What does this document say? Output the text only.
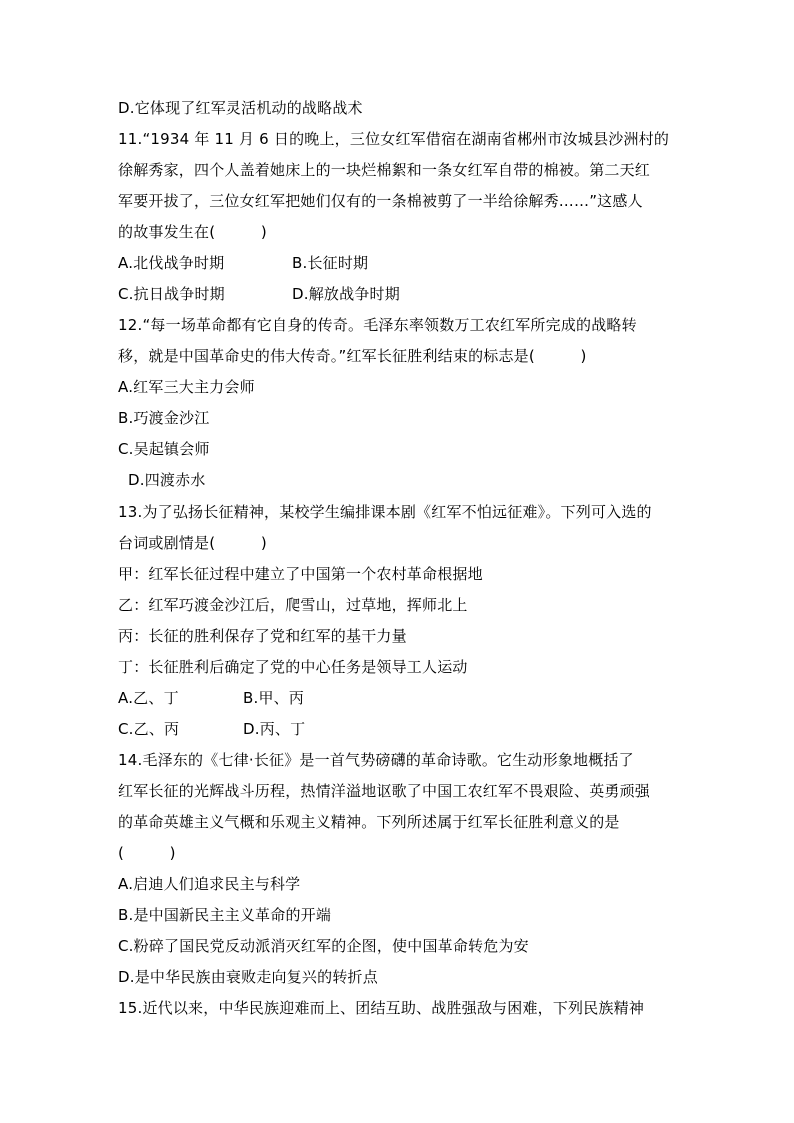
D.它体现了红军灵活机动的战略战术
11.“1934 年 11 月 6 日的晚上，三位女红军借宿在湖南省郴州市汝城县沙洲村的
徐解秀家，四个人盖着她床上的一块烂棉絮和一条女红军自带的棉被。第二天红
军要开拔了，三位女红军把她们仅有的一条棉被剪了一半给徐解秀……”这感人
的故事发生在(　　　)
A.北伐战争时期	B.长征时期
C.抗日战争时期	D.解放战争时期
12.“每一场革命都有它自身的传奇。毛泽东率领数万工农红军所完成的战略转
移，就是中国革命史的伟大传奇。”红军长征胜利结束的标志是(　　　)
A.红军三大主力会师
B.巧渡金沙江
C.吴起镇会师
D.四渡赤水
13.为了弘扬长征精神，某校学生编排课本剧《红军不怕远征难》。下列可入选的
台词或剧情是(　　　)
甲：红军长征过程中建立了中国第一个农村革命根据地
乙：红军巧渡金沙江后，爬雪山，过草地，挥师北上
丙：长征的胜利保存了党和红军的基干力量
丁：长征胜利后确定了党的中心任务是领导工人运动
A.乙、丁	B.甲、丙
C.乙、丙	D.丙、丁
14.毛泽东的《七律·长征》是一首气势磅礴的革命诗歌。它生动形象地概括了
红军长征的光辉战斗历程，热情洋溢地讴歌了中国工农红军不畏艰险、英勇顽强
的革命英雄主义气概和乐观主义精神。下列所述属于红军长征胜利意义的是
(　　　)
A.启迪人们追求民主与科学
B.是中国新民主主义革命的开端
C.粉碎了国民党反动派消灭红军的企图，使中国革命转危为安
D.是中华民族由衰败走向复兴的转折点
15.近代以来，中华民族迎难而上、团结互助、战胜强敌与困难，下列民族精神
